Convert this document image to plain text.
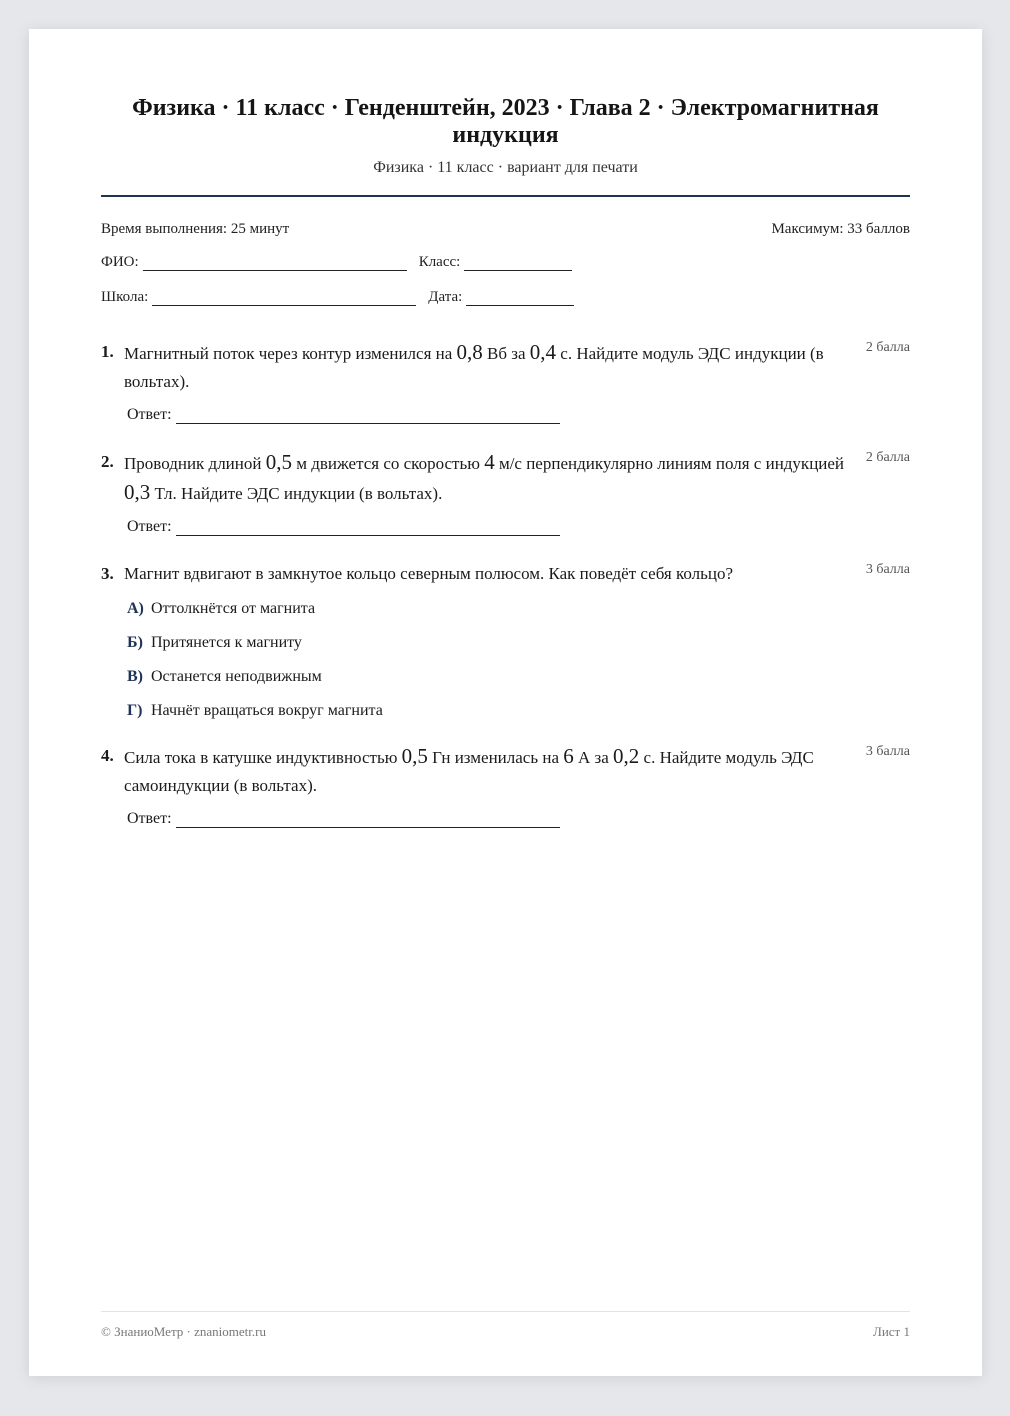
Физика · 11 класс · Генденштейн, 2023 · Глава 2 · Электромагнитная индукция
Физика · 11 класс · вариант для печати
Время выполнения: 25 минут	Максимум: 33 баллов
ФИО:	Класс:
Школа:	Дата:
1. Магнитный поток через контур изменился на 0,8 Вб за 0,4 с. Найдите модуль ЭДС индукции (в вольтах).
2 балла
Ответ:
2. Проводник длиной 0,5 м движется со скоростью 4 м/с перпендикулярно линиям поля с индукцией 0,3 Тл. Найдите ЭДС индукции (в вольтах).
2 балла
Ответ:
3. Магнит вдвигают в замкнутое кольцо северным полюсом. Как поведёт себя кольцо?	3 балла
А) Оттолкнётся от магнита
Б) Притянется к магниту
В) Останется неподвижным
Г) Начнёт вращаться вокруг магнита
4. Сила тока в катушке индуктивностью 0,5 Гн изменилась на 6 А за 0,2 с. Найдите модуль ЭДС самоиндукции (в вольтах).
3 балла
Ответ:
© ЗнаниоМетр · znaniometr.ru	Лист 1
